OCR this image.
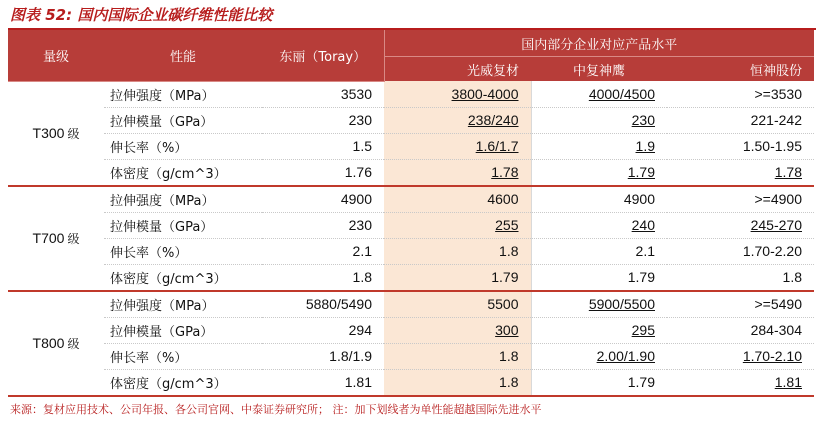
图表 52: 国内国际企业碳纤维性能比较
量级	性能	东丽（Toray）	国内部分企业对应产品水平		
			光威复材	中复神鹰	恒神股份
T300 级	拉伸强度（MPa）	3530	3800-4000	4000/4500	>=3530
	拉伸模量（GPa）	230	238/240	230	221-242
	伸长率（%）	1.5	1.6/1.7	1.9	1.50-1.95
	体密度（g/cm^3）	1.76	1.78	1.79	1.78
T700 级	拉伸强度（MPa）	4900	4600	4900	>=4900
	拉伸模量（GPa）	230	255	240	245-270
	伸长率（%）	2.1	1.8	2.1	1.70-2.20
	体密度（g/cm^3）	1.8	1.79	1.79	1.8
T800 级	拉伸强度（MPa）	5880/5490	5500	5900/5500	>=5490
	拉伸模量（GPa）	294	300	295	284-304
	伸长率（%）	1.8/1.9	1.8	2.00/1.90	1.70-2.10
	体密度（g/cm^3）	1.81	1.8	1.79	1.81
来源：复材应用技术、公司年报、各公司官网、中泰证券研究所； 注：加下划线者为单性能超越国际先进水平
